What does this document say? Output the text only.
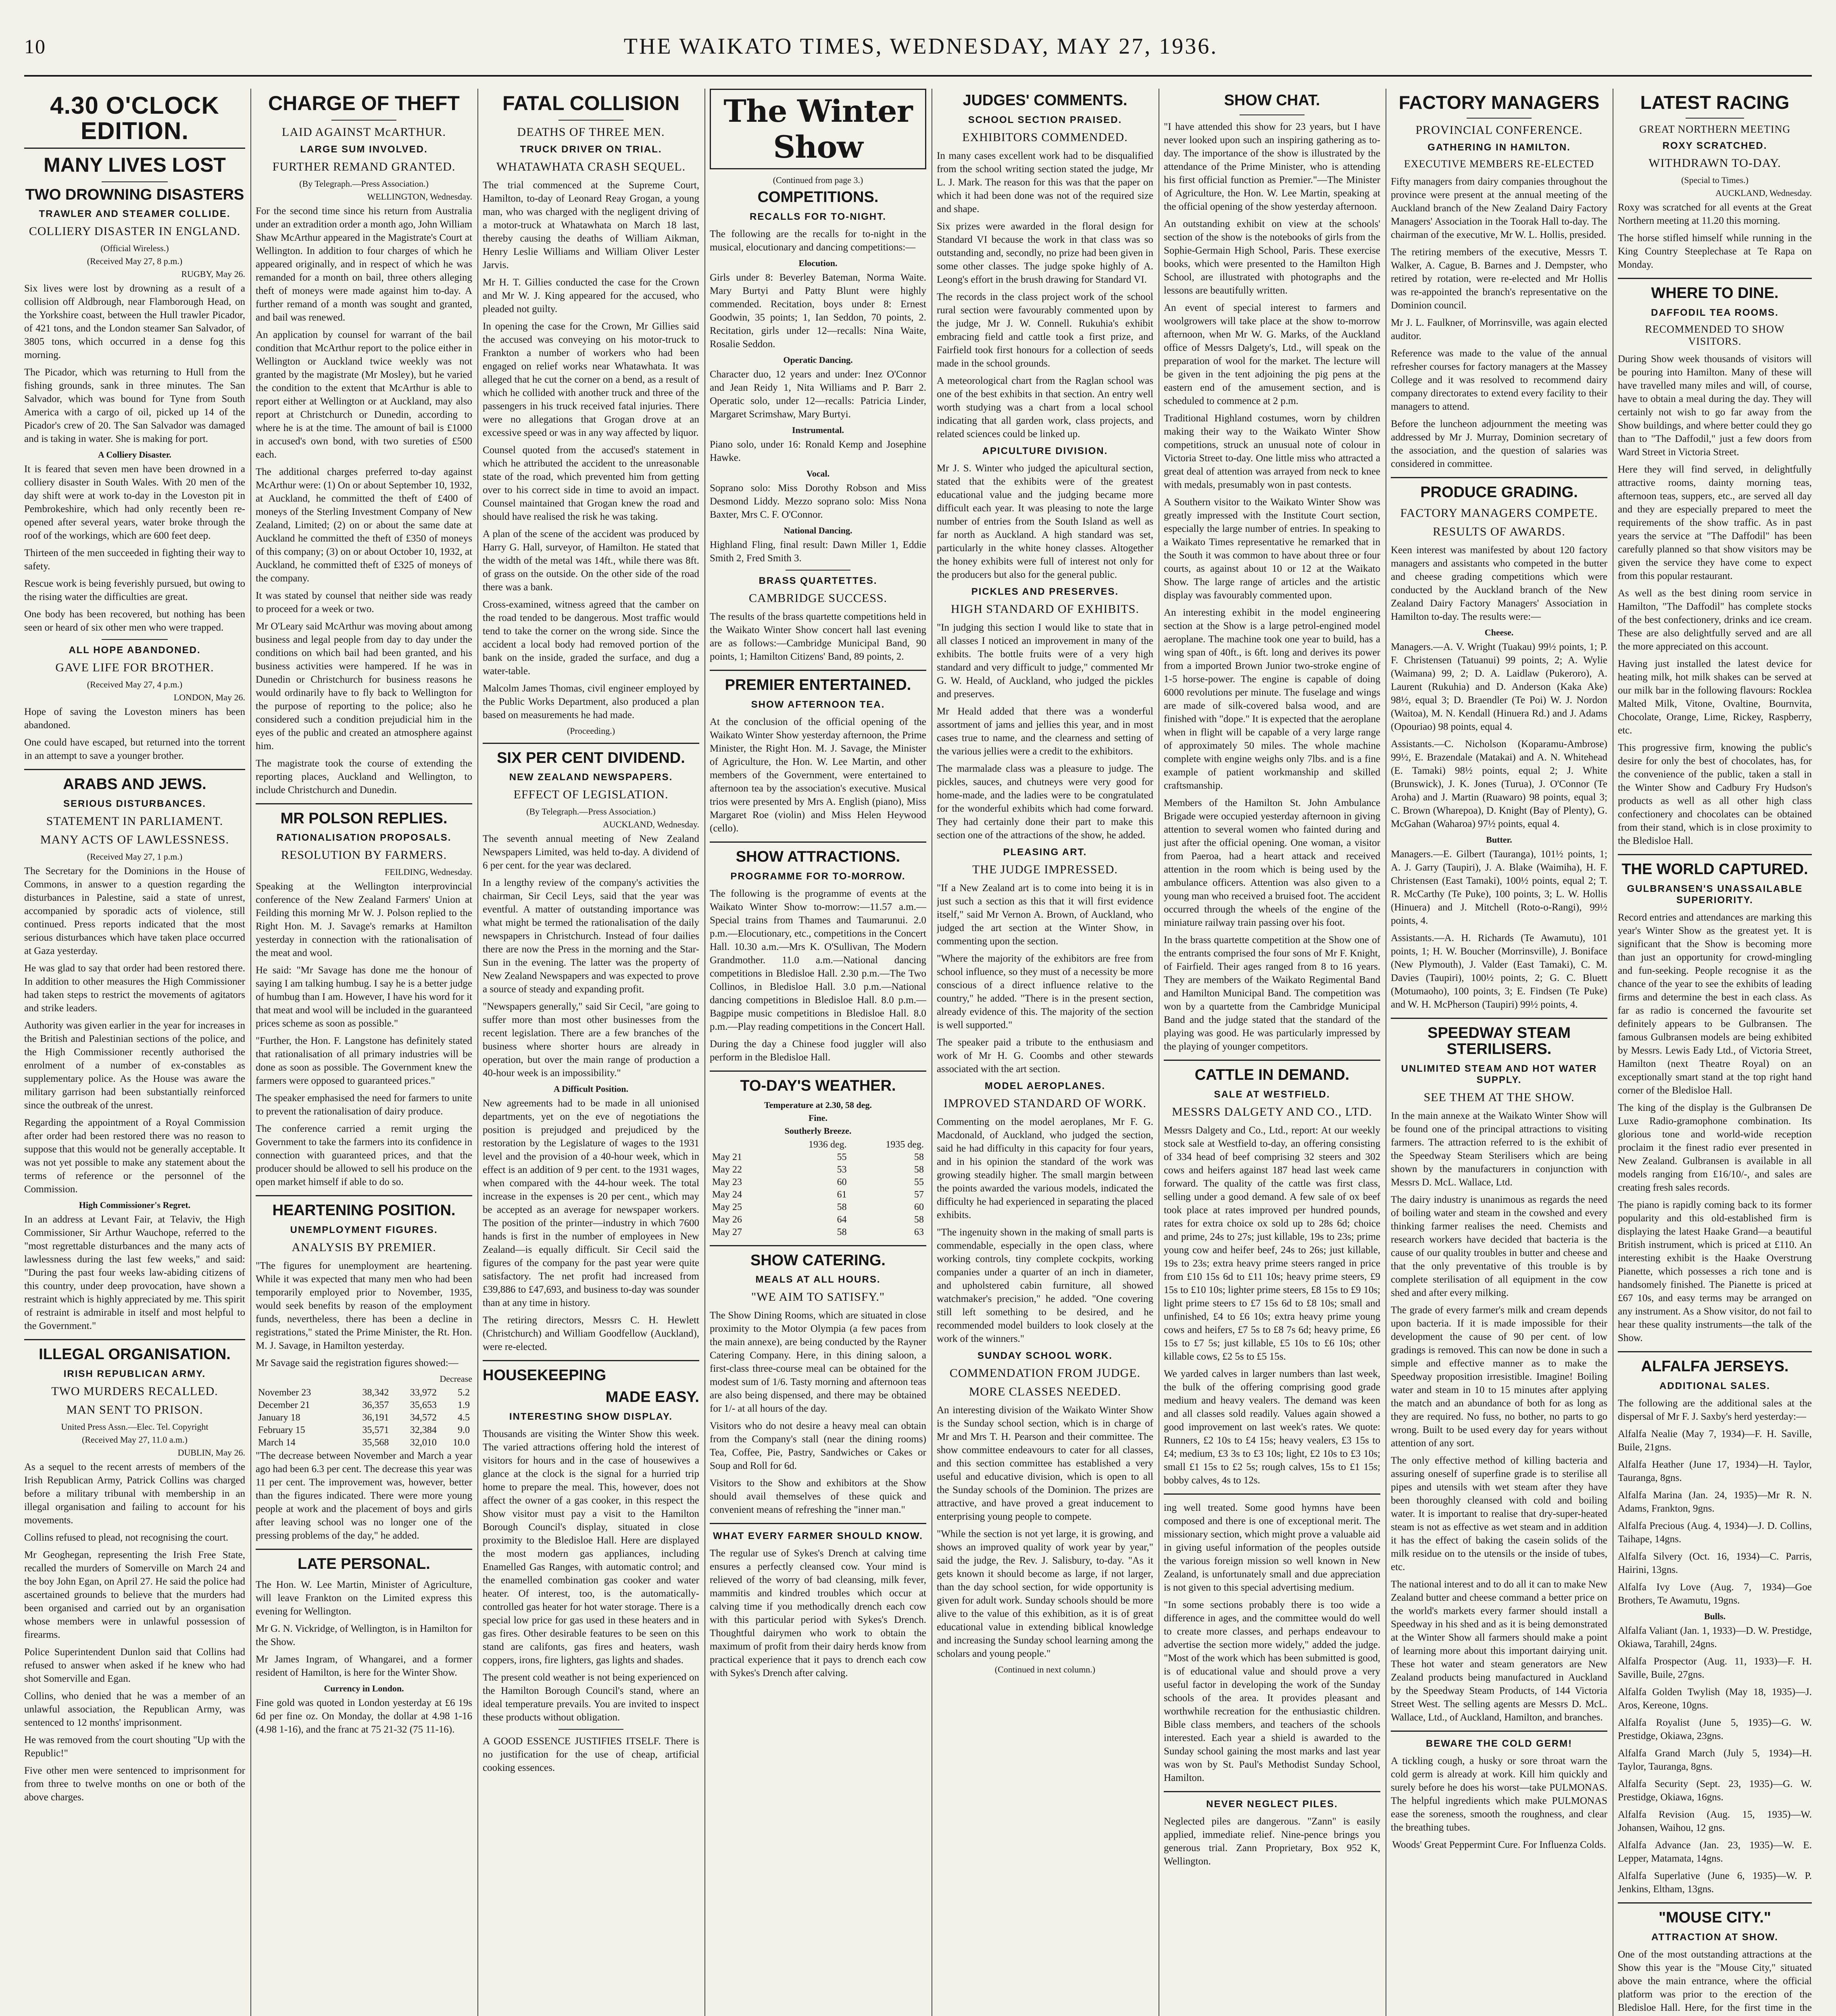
10	THE WAIKATO TIMES, WEDNESDAY, MAY 27, 1936.
4.30 O'CLOCK EDITION.
MANY LIVES LOST
TWO DROWNING DISASTERS
TRAWLER AND STEAMER COLLIDE.
COLLIERY DISASTER IN ENGLAND.
(Official Wireless.)
(Received May 27, 8 p.m.)
RUGBY, May 26.

Six lives were lost by drowning as a result of a collision off Aldbrough, near Flamborough Head, on the Yorkshire coast, between the Hull trawler Picador, of 421 tons, and the London steamer San Salvador, of 3805 tons, which occurred in a dense fog this morning.

The Picador, which was returning to Hull from the fishing grounds, sank in three minutes. The San Salvador, which was bound for Tyne from South America with a cargo of oil, picked up 14 of the Picador's crew of 20. The San Salvador was damaged and is taking in water. She is making for port.

A Colliery Disaster.

It is feared that seven men have been drowned in a colliery disaster in South Wales. With 20 men of the day shift were at work to-day in the Loveston pit in Pembrokeshire, which had only recently been re-opened after several years, water broke through the roof of the workings, which are 600 feet deep.

Thirteen of the men succeeded in fighting their way to safety.

Rescue work is being feverishly pursued, but owing to the rising water the difficulties are great.

One body has been recovered, but nothing has been seen or heard of six other men who were trapped.

ALL HOPE ABANDONED.
GAVE LIFE FOR BROTHER.
(Received May 27, 4 p.m.)
LONDON, May 26.

Hope of saving the Loveston miners has been abandoned.

One could have escaped, but returned into the torrent in an attempt to save a younger brother.

ARABS AND JEWS.
SERIOUS DISTURBANCES.
STATEMENT IN PARLIAMENT.
MANY ACTS OF LAWLESSNESS.
(Received May 27, 1 p.m.)

The Secretary for the Dominions in the House of Commons, in answer to a question regarding the disturbances in Palestine, said a state of unrest, accompanied by sporadic acts of violence, still continued. Press reports indicated that the most serious disturbances which have taken place occurred at Gaza yesterday.

He was glad to say that order had been restored there. In addition to other measures the High Commissioner had taken steps to restrict the movements of agitators and strike leaders.

Authority was given earlier in the year for increases in the British and Palestinian sections of the police, and the High Commissioner recently authorised the enrolment of a number of ex-constables as supplementary police. As the House was aware the military garrison had been substantially reinforced since the outbreak of the unrest.

Regarding the appointment of a Royal Commission after order had been restored there was no reason to suppose that this would not be generally acceptable. It was not yet possible to make any statement about the terms of reference or the personnel of the Commission.

High Commissioner's Regret.

In an address at Levant Fair, at Telaviv, the High Commissioner, Sir Arthur Wauchope, referred to the "most regrettable disturbances and the many acts of lawlessness during the last few weeks," and said: "During the past four weeks law-abiding citizens of this country, under deep provocation, have shown a restraint which is highly appreciated by me. This spirit of restraint is admirable in itself and most helpful to the Government."

ILLEGAL ORGANISATION.
IRISH REPUBLICAN ARMY.
TWO MURDERS RECALLED.
MAN SENT TO PRISON.
United Press Assn.—Elec. Tel. Copyright
(Received May 27, 11.0 a.m.)
DUBLIN, May 26.

As a sequel to the recent arrests of members of the Irish Republican Army, Patrick Collins was charged before a military tribunal with membership in an illegal organisation and failing to account for his movements.

Collins refused to plead, not recognising the court.

Mr Geoghegan, representing the Irish Free State, recalled the murders of Somerville on March 24 and the boy John Egan, on April 27. He said the police had ascertained grounds to believe that the murders had been organised and carried out by an organisation whose members were in unlawful possession of firearms.

Police Superintendent Dunlon said that Collins had refused to answer when asked if he knew who had shot Somerville and Egan.

Collins, who denied that he was a member of an unlawful association, the Republican Army, was sentenced to 12 months' imprisonment.

He was removed from the court shouting "Up with the Republic!"

Five other men were sentenced to imprisonment for from three to twelve months on one or both of the above charges.

CHARGE OF THEFT
LAID AGAINST McARTHUR.
LARGE SUM INVOLVED.
FURTHER REMAND GRANTED.
(By Telegraph.—Press Association.)
WELLINGTON, Wednesday.

For the second time since his return from Australia under an extradition order a month ago, John William Shaw McArthur appeared in the Magistrate's Court at Wellington. In addition to four charges of which he appeared originally, and in respect of which he was remanded for a month on bail, three others alleging theft of moneys were made against him to-day. A further remand of a month was sought and granted, and bail was renewed.

An application by counsel for warrant of the bail condition that McArthur report to the police either in Wellington or Auckland twice weekly was not granted by the magistrate (Mr Mosley), but he varied the condition to the extent that McArthur is able to report either at Wellington or at Auckland, may also report at Christchurch or Dunedin, according to where he is at the time. The amount of bail is £1000 in accused's own bond, with two sureties of £500 each.

The additional charges preferred to-day against McArthur were: (1) On or about September 10, 1932, at Auckland, he committed the theft of £400 of moneys of the Sterling Investment Company of New Zealand, Limited; (2) on or about the same date at Auckland he committed the theft of £350 of moneys of this company; (3) on or about October 10, 1932, at Auckland, he committed theft of £325 of moneys of the company.

It was stated by counsel that neither side was ready to proceed for a week or two.

Mr O'Leary said McArthur was moving about among business and legal people from day to day under the conditions on which bail had been granted, and his business activities were hampered. If he was in Dunedin or Christchurch for business reasons he would ordinarily have to fly back to Wellington for the purpose of reporting to the police; also he considered such a condition prejudicial him in the eyes of the public and created an atmosphere against him.

The magistrate took the course of extending the reporting places, Auckland and Wellington, to include Christchurch and Dunedin.

MR POLSON REPLIES.
RATIONALISATION PROPOSALS.
RESOLUTION BY FARMERS.
FEILDING, Wednesday.

Speaking at the Wellington interprovincial conference of the New Zealand Farmers' Union at Feilding this morning Mr W. J. Polson replied to the Right Hon. M. J. Savage's remarks at Hamilton yesterday in connection with the rationalisation of the meat and wool.

He said: "Mr Savage has done me the honour of saying I am talking humbug. I say he is a better judge of humbug than I am. However, I have his word for it that meat and wool will be included in the guaranteed prices scheme as soon as possible."

"Further, the Hon. F. Langstone has definitely stated that rationalisation of all primary industries will be done as soon as possible. The Government knew the farmers were opposed to guaranteed prices."

The speaker emphasised the need for farmers to unite to prevent the rationalisation of dairy produce.

The conference carried a remit urging the Government to take the farmers into its confidence in connection with guaranteed prices, and that the producer should be allowed to sell his produce on the open market himself if able to do so.

HEARTENING POSITION.
UNEMPLOYMENT FIGURES.
ANALYSIS BY PREMIER.

"The figures for unemployment are heartening. While it was expected that many men who had been temporarily employed prior to November, 1935, would seek benefits by reason of the employment funds, nevertheless, there has been a decline in registrations," stated the Prime Minister, the Rt. Hon. M. J. Savage, in Hamilton yesterday.

Mr Savage said the registration figures showed:—

Decrease
November 23	38,342	33,972	5.2
December 21	36,357	35,653	1.9
January 18	36,191	34,572	4.5
February 15	35,571	32,384	9.0
March 14	35,568	32,010	10.0

"The decrease between November and March a year ago had been 6.3 per cent. The decrease this year was 11 per cent. The improvement was, however, better than the figures indicated. There were more young people at work and the placement of boys and girls after leaving school was no longer one of the pressing problems of the day," he added.

LATE PERSONAL.

The Hon. W. Lee Martin, Minister of Agriculture, will leave Frankton on the Limited express this evening for Wellington.

Mr G. N. Vickridge, of Wellington, is in Hamilton for the Show.

Mr James Ingram, of Whangarei, and a former resident of Hamilton, is here for the Winter Show.

Currency in London.

Fine gold was quoted in London yesterday at £6 19s 6d per fine oz. On Monday, the dollar at 4.98 1-16 (4.98 1-16), and the franc at 75 21-32 (75 11-16).

FATAL COLLISION
DEATHS OF THREE MEN.
TRUCK DRIVER ON TRIAL.
WHATAWHATA CRASH SEQUEL.

The trial commenced at the Supreme Court, Hamilton, to-day of Leonard Reay Grogan, a young man, who was charged with the negligent driving of a motor-truck at Whatawhata on March 18 last, thereby causing the deaths of William Aikman, Henry Leslie Williams and William Oliver Lester Jarvis.

Mr H. T. Gillies conducted the case for the Crown and Mr W. J. King appeared for the accused, who pleaded not guilty.

In opening the case for the Crown, Mr Gillies said the accused was conveying on his motor-truck to Frankton a number of workers who had been engaged on relief works near Whatawhata. It was alleged that he cut the corner on a bend, as a result of which he collided with another truck and three of the passengers in his truck received fatal injuries. There were no allegations that Grogan drove at an excessive speed or was in any way affected by liquor.

Counsel quoted from the accused's statement in which he attributed the accident to the unreasonable state of the road, which prevented him from getting over to his correct side in time to avoid an impact. Counsel maintained that Grogan knew the road and should have realised the risk he was taking.

A plan of the scene of the accident was produced by Harry G. Hall, surveyor, of Hamilton. He stated that the width of the metal was 14ft., while there was 8ft. of grass on the outside. On the other side of the road there was a bank.

Cross-examined, witness agreed that the camber on the road tended to be dangerous. Most traffic would tend to take the corner on the wrong side. Since the accident a local body had removed portion of the bank on the inside, graded the surface, and dug a water-table.

Malcolm James Thomas, civil engineer employed by the Public Works Department, also produced a plan based on measurements he had made.

(Proceeding.)
SIX PER CENT DIVIDEND.
NEW ZEALAND NEWSPAPERS.
EFFECT OF LEGISLATION.
(By Telegraph.—Press Association.)
AUCKLAND, Wednesday.

The seventh annual meeting of New Zealand Newspapers Limited, was held to-day. A dividend of 6 per cent. for the year was declared.

In a lengthy review of the company's activities the chairman, Sir Cecil Leys, said that the year was eventful. A matter of outstanding importance was what might be termed the rationalisation of the daily newspapers in Christchurch. Instead of four dailies there are now the Press in the morning and the Star-Sun in the evening. The latter was the property of New Zealand Newspapers and was expected to prove a source of steady and expanding profit.

"Newspapers generally," said Sir Cecil, "are going to suffer more than most other businesses from the recent legislation. There are a few branches of the business where shorter hours are already in operation, but over the main range of production a 40-hour week is an impossibility."

A Difficult Position.

New agreements had to be made in all unionised departments, yet on the eve of negotiations the position is prejudged and prejudiced by the restoration by the Legislature of wages to the 1931 level and the provision of a 40-hour week, which in effect is an addition of 9 per cent. to the 1931 wages, when compared with the 44-hour week. The total increase in the expenses is 20 per cent., which may be accepted as an average for newspaper workers. The position of the printer—industry in which 7600 hands is first in the number of employees in New Zealand—is equally difficult. Sir Cecil said the figures of the company for the past year were quite satisfactory. The net profit had increased from £39,886 to £47,693, and business to-day was sounder than at any time in history.

The retiring directors, Messrs C. H. Hewlett (Christchurch) and William Goodfellow (Auckland), were re-elected.

HOUSEKEEPING
MADE EASY.
INTERESTING SHOW DISPLAY.

Thousands are visiting the Winter Show this week. The varied attractions offering hold the interest of visitors for hours and in the case of housewives a glance at the clock is the signal for a hurried trip home to prepare the meal. This, however, does not affect the owner of a gas cooker, in this respect the Show visitor must pay a visit to the Hamilton Borough Council's display, situated in close proximity to the Bledisloe Hall. Here are displayed the most modern gas appliances, including Enamelled Gas Ranges, with automatic control; and the enamelled combination gas cooker and water heater. Of interest, too, is the automatically-controlled gas heater for hot water storage. There is a special low price for gas used in these heaters and in gas fires. Other desirable features to be seen on this stand are califonts, gas fires and heaters, wash coppers, irons, fire lighters, gas lights and shades.

The present cold weather is not being experienced on the Hamilton Borough Council's stand, where an ideal temperature prevails. You are invited to inspect these products without obligation.

A GOOD ESSENCE JUSTIFIES ITSELF. There is no justification for the use of cheap, artificial cooking essences.

The Winter Show
(Continued from page 3.)
COMPETITIONS.
RECALLS FOR TO-NIGHT.

The following are the recalls for to-night in the musical, elocutionary and dancing competitions:—

Elocution.

Girls under 8: Beverley Bateman, Norma Waite. Mary Burtyi and Patty Blunt were highly commended. Recitation, boys under 8: Ernest Goodwin, 35 points; 1, Ian Seddon, 70 points, 2. Recitation, girls under 12—recalls: Nina Waite, Rosalie Seddon.

Operatic Dancing.

Character duo, 12 years and under: Inez O'Connor and Jean Reidy 1, Nita Williams and P. Barr 2. Operatic solo, under 12—recalls: Patricia Linder, Margaret Scrimshaw, Mary Burtyi.

Instrumental.

Piano solo, under 16: Ronald Kemp and Josephine Hawke.

Vocal.

Soprano solo: Miss Dorothy Robson and Miss Desmond Liddy. Mezzo soprano solo: Miss Nona Baxter, Mrs C. F. O'Connor.

National Dancing.

Highland Fling, final result: Dawn Miller 1, Eddie Smith 2, Fred Smith 3.

BRASS QUARTETTES.
CAMBRIDGE SUCCESS.

The results of the brass quartette competitions held in the Waikato Winter Show concert hall last evening are as follows:—Cambridge Municipal Band, 90 points, 1; Hamilton Citizens' Band, 89 points, 2.

PREMIER ENTERTAINED.
SHOW AFTERNOON TEA.

At the conclusion of the official opening of the Waikato Winter Show yesterday afternoon, the Prime Minister, the Right Hon. M. J. Savage, the Minister of Agriculture, the Hon. W. Lee Martin, and other members of the Government, were entertained to afternoon tea by the association's executive. Musical trios were presented by Mrs A. English (piano), Miss Margaret Roe (violin) and Miss Helen Heywood (cello).

SHOW ATTRACTIONS.
PROGRAMME FOR TO-MORROW.

The following is the programme of events at the Waikato Winter Show to-morrow:—11.57 a.m.—Special trains from Thames and Taumarunui. 2.0 p.m.—Elocutionary, etc., competitions in the Concert Hall. 10.30 a.m.—Mrs K. O'Sullivan, The Modern Grandmother. 11.0 a.m.—National dancing competitions in Bledisloe Hall. 2.30 p.m.—The Two Collinos, in Bledisloe Hall. 3.0 p.m.—National dancing competitions in Bledisloe Hall. 8.0 p.m.—Bagpipe music competitions in Bledisloe Hall. 8.0 p.m.—Play reading competitions in the Concert Hall.

During the day a Chinese food juggler will also perform in the Bledisloe Hall.

TO-DAY'S WEATHER.
Temperature at 2.30, 58 deg.
Fine.
Southerly Breeze.
	1936 deg.	1935 deg.
May 21	55	58
May 22	53	58
May 23	60	55
May 24	61	57
May 25	58	60
May 26	64	58
May 27	58	63
SHOW CATERING.
MEALS AT ALL HOURS.
"WE AIM TO SATISFY."

The Show Dining Rooms, which are situated in close proximity to the Motor Olympia (a few paces from the main annexe), are being conducted by the Rayner Catering Company. Here, in this dining saloon, a first-class three-course meal can be obtained for the modest sum of 1/6. Tasty morning and afternoon teas are also being dispensed, and there may be obtained for 1/- at all hours of the day.

Visitors who do not desire a heavy meal can obtain from the Company's stall (near the dining rooms) Tea, Coffee, Pie, Pastry, Sandwiches or Cakes or Soup and Roll for 6d.

Visitors to the Show and exhibitors at the Show should avail themselves of these quick and convenient means of refreshing the "inner man."

WHAT EVERY FARMER SHOULD KNOW.

The regular use of Sykes's Drench at calving time ensures a perfectly cleansed cow. Your mind is relieved of the worry of bad cleansing, milk fever, mammitis and kindred troubles which occur at calving time if you methodically drench each cow with this particular period with Sykes's Drench. Thoughtful dairymen who work to obtain the maximum of profit from their dairy herds know from practical experience that it pays to drench each cow with Sykes's Drench after calving.

JUDGES' COMMENTS.
SCHOOL SECTION PRAISED.
EXHIBITORS COMMENDED.

In many cases excellent work had to be disqualified from the school writing section stated the judge, Mr L. J. Mark. The reason for this was that the paper on which it had been done was not of the required size and shape.

Six prizes were awarded in the floral design for Standard VI because the work in that class was so outstanding and, secondly, no prize had been given in some other classes. The judge spoke highly of A. Leong's effort in the brush drawing for Standard VI.

The records in the class project work of the school rural section were favourably commented upon by the judge, Mr J. W. Connell. Rukuhia's exhibit embracing field and cattle took a first prize, and Fairfield took first honours for a collection of seeds made in the school grounds.

A meteorological chart from the Raglan school was one of the best exhibits in that section. An entry well worth studying was a chart from a local school indicating that all garden work, class projects, and related sciences could be linked up.

APICULTURE DIVISION.

Mr J. S. Winter who judged the apicultural section, stated that the exhibits were of the greatest educational value and the judging became more difficult each year. It was pleasing to note the large number of entries from the South Island as well as far north as Auckland. A high standard was set, particularly in the white honey classes. Altogether the honey exhibits were full of interest not only for the producers but also for the general public.

PICKLES AND PRESERVES.
HIGH STANDARD OF EXHIBITS.

"In judging this section I would like to state that in all classes I noticed an improvement in many of the exhibits. The bottle fruits were of a very high standard and very difficult to judge," commented Mr G. W. Heald, of Auckland, who judged the pickles and preserves.

Mr Heald added that there was a wonderful assortment of jams and jellies this year, and in most cases true to name, and the clearness and setting of the various jellies were a credit to the exhibitors.

The marmalade class was a pleasure to judge. The pickles, sauces, and chutneys were very good for home-made, and the ladies were to be congratulated for the wonderful exhibits which had come forward. They had certainly done their part to make this section one of the attractions of the show, he added.

PLEASING ART.
THE JUDGE IMPRESSED.

"If a New Zealand art is to come into being it is in just such a section as this that it will first evidence itself," said Mr Vernon A. Brown, of Auckland, who judged the art section at the Winter Show, in commenting upon the section.

"Where the majority of the exhibitors are free from school influence, so they must of a necessity be more conscious of a direct influence relative to the country," he added. "There is in the present section, already evidence of this. The majority of the section is well supported."

The speaker paid a tribute to the enthusiasm and work of Mr H. G. Coombs and other stewards associated with the art section.

MODEL AEROPLANES.
IMPROVED STANDARD OF WORK.

Commenting on the model aeroplanes, Mr F. G. Macdonald, of Auckland, who judged the section, said he had difficulty in this capacity for four years, and in his opinion the standard of the work was growing steadily higher. The small margin between the points awarded the various models, indicated the difficulty he had experienced in separating the placed exhibits.

"The ingenuity shown in the making of small parts is commendable, especially in the open class, where working controls, tiny complete cockpits, working companies under a quarter of an inch in diameter, and upholstered cabin furniture, all showed watchmaker's precision," he added. "One covering still left something to be desired, and he recommended model builders to look closely at the work of the winners."

SUNDAY SCHOOL WORK.
COMMENDATION FROM JUDGE.
MORE CLASSES NEEDED.

An interesting division of the Waikato Winter Show is the Sunday school section, which is in charge of Mr and Mrs T. H. Pearson and their committee. The show committee endeavours to cater for all classes, and this section committee has established a very useful and educative division, which is open to all the Sunday schools of the Dominion. The prizes are attractive, and have proved a great inducement to enterprising young people to compete.

"While the section is not yet large, it is growing, and shows an improved quality of work year by year," said the judge, the Rev. J. Salisbury, to-day. "As it gets known it should become as large, if not larger, than the day school section, for wide opportunity is given for adult work. Sunday schools should be more alive to the value of this exhibition, as it is of great educational value in extending biblical knowledge and increasing the Sunday school learning among the scholars and young people."

(Continued in next column.)
SHOW CHAT.

"I have attended this show for 23 years, but I have never looked upon such an inspiring gathering as to-day. The importance of the show is illustrated by the attendance of the Prime Minister, who is attending his first official function as Premier."—The Minister of Agriculture, the Hon. W. Lee Martin, speaking at the official opening of the show yesterday afternoon.

An outstanding exhibit on view at the schools' section of the show is the notebooks of girls from the Sophie-Germain High School, Paris. These exercise books, which were presented to the Hamilton High School, are illustrated with photographs and the lessons are beautifully written.

An event of special interest to farmers and woolgrowers will take place at the show to-morrow afternoon, when Mr W. G. Marks, of the Auckland office of Messrs Dalgety's, Ltd., will speak on the preparation of wool for the market. The lecture will be given in the tent adjoining the pig pens at the eastern end of the amusement section, and is scheduled to commence at 2 p.m.

Traditional Highland costumes, worn by children making their way to the Waikato Winter Show competitions, struck an unusual note of colour in Victoria Street to-day. One little miss who attracted a great deal of attention was arrayed from neck to knee with medals, presumably won in past contests.

A Southern visitor to the Waikato Winter Show was greatly impressed with the Institute Court section, especially the large number of entries. In speaking to a Waikato Times representative he remarked that in the South it was common to have about three or four courts, as against about 10 or 12 at the Waikato Show. The large range of articles and the artistic display was favourably commented upon.

An interesting exhibit in the model engineering section at the Show is a large petrol-engined model aeroplane. The machine took one year to build, has a wing span of 40ft., is 6ft. long and derives its power from a imported Brown Junior two-stroke engine of 1-5 horse-power. The engine is capable of doing 6000 revolutions per minute. The fuselage and wings are made of silk-covered balsa wood, and are finished with "dope." It is expected that the aeroplane when in flight will be capable of a very large range of approximately 50 miles. The whole machine complete with engine weighs only 7lbs. and is a fine example of patient workmanship and skilled craftsmanship.

Members of the Hamilton St. John Ambulance Brigade were occupied yesterday afternoon in giving attention to several women who fainted during and just after the official opening. One woman, a visitor from Paeroa, had a heart attack and received attention in the room which is being used by the ambulance officers. Attention was also given to a young man who received a bruised foot. The accident occurred through the wheels of the engine of the miniature railway train passing over his foot.

In the brass quartette competition at the Show one of the entrants comprised the four sons of Mr F. Knight, of Fairfield. Their ages ranged from 8 to 16 years. They are members of the Waikato Regimental Band and Hamilton Municipal Band. The competition was won by a quartette from the Cambridge Municipal Band and the judge stated that the standard of the playing was good. He was particularly impressed by the playing of younger competitors.

CATTLE IN DEMAND.
SALE AT WESTFIELD.
MESSRS DALGETY AND CO., LTD.

Messrs Dalgety and Co., Ltd., report: At our weekly stock sale at Westfield to-day, an offering consisting of 334 head of beef comprising 32 steers and 302 cows and heifers against 187 head last week came forward. The quality of the cattle was first class, selling under a good demand. A few sale of ox beef took place at rates improved per hundred pounds, rates for extra choice ox sold up to 28s 6d; choice and prime, 24s to 27s; just killable, 19s to 23s; prime young cow and heifer beef, 24s to 26s; just killable, 19s to 23s; extra heavy prime steers ranged in price from £10 15s 6d to £11 10s; heavy prime steers, £9 15s to £10 10s; lighter prime steers, £8 15s to £9 10s; light prime steers to £7 15s 6d to £8 10s; small and unfinished, £4 to £6 10s; extra heavy prime young cows and heifers, £7 5s to £8 7s 6d; heavy prime, £6 15s to £7 5s; just killable, £5 10s to £6 10s; other killable cows, £2 5s to £5 15s.

We yarded calves in larger numbers than last week, the bulk of the offering comprising good grade medium and heavy vealers. The demand was keen and all classes sold readily. Values again showed a good improvement on last week's rates. We quote: Runners, £2 10s to £4 15s; heavy vealers, £3 15s to £4; medium, £3 3s to £3 10s; light, £2 10s to £3 10s; small £1 15s to £2 5s; rough calves, 15s to £1 15s; bobby calves, 4s to 12s.

ing well treated. Some good hymns have been composed and there is one of exceptional merit. The missionary section, which might prove a valuable aid in giving useful information of the peoples outside the various foreign mission so well known in New Zealand, is unfortunately small and due appreciation is not given to this special advertising medium.

"In some sections probably there is too wide a difference in ages, and the committee would do well to create more classes, and perhaps endeavour to advertise the section more widely," added the judge. "Most of the work which has been submitted is good, is of educational value and should prove a very useful factor in developing the work of the Sunday schools of the area. It provides pleasant and worthwhile recreation for the enthusiastic children. Bible class members, and teachers of the schools interested. Each year a shield is awarded to the Sunday school gaining the most marks and last year was won by St. Paul's Methodist Sunday School, Hamilton.

NEVER NEGLECT PILES.

Neglected piles are dangerous. "Zann" is easily applied, immediate relief. Nine-pence brings you generous trial. Zann Proprietary, Box 952 K, Wellington.

FACTORY MANAGERS
PROVINCIAL CONFERENCE.
GATHERING IN HAMILTON.
EXECUTIVE MEMBERS RE-ELECTED

Fifty managers from dairy companies throughout the province were present at the annual meeting of the Auckland branch of the New Zealand Dairy Factory Managers' Association in the Toorak Hall to-day. The chairman of the executive, Mr W. L. Hollis, presided.

The retiring members of the executive, Messrs T. Walker, A. Cague, B. Barnes and J. Dempster, who retired by rotation, were re-elected and Mr Hollis was re-appointed the branch's representative on the Dominion council.

Mr J. L. Faulkner, of Morrinsville, was again elected auditor.

Reference was made to the value of the annual refresher courses for factory managers at the Massey College and it was resolved to recommend dairy company directorates to extend every facility to their managers to attend.

Before the luncheon adjournment the meeting was addressed by Mr J. Murray, Dominion secretary of the association, and the question of salaries was considered in committee.

PRODUCE GRADING.
FACTORY MANAGERS COMPETE.
RESULTS OF AWARDS.

Keen interest was manifested by about 120 factory managers and assistants who competed in the butter and cheese grading competitions which were conducted by the Auckland branch of the New Zealand Dairy Factory Managers' Association in Hamilton to-day. The results were:—

Cheese.

Managers.—A. V. Wright (Tuakau) 99½ points, 1; P. F. Christensen (Tatuanui) 99 points, 2; A. Wylie (Waimana) 99, 2; D. A. Laidlaw (Pukeroro), A. Laurent (Rukuhia) and D. Anderson (Kaka Ake) 98½, equal 3; D. Braendler (Te Poi) W. J. Nordon (Waitoa), M. N. Kendall (Hinuera Rd.) and J. Adams (Opouriao) 98 points, equal 4.

Assistants.—C. Nicholson (Koparamu-Ambrose) 99½, E. Brazendale (Matakai) and A. N. Whitehead (E. Tamaki) 98½ points, equal 2; J. White (Brunswick), J. K. Jones (Turua), J. O'Connor (Te Aroha) and J. Martin (Ruawaro) 98 points, equal 3; C. Brown (Wharepoa), D. Knight (Bay of Plenty), G. McGahan (Waharoa) 97½ points, equal 4.

Butter.

Managers.—E. Gilbert (Tauranga), 101½ points, 1; A. J. Garry (Taupiri), J. A. Blake (Waimiha), H. F. Christensen (East Tamaki), 100½ points, equal 2; T. R. McCarthy (Te Puke), 100 points, 3; L. W. Hollis (Hinuera) and J. Mitchell (Roto-o-Rangi), 99½ points, 4.

Assistants.—A. H. Richards (Te Awamutu), 101 points, 1; H. W. Boucher (Morrinsville), J. Boniface (New Plymouth), J. Valder (East Tamaki), C. M. Davies (Taupiri), 100½ points, 2; G. C. Bluett (Motumaoho), 100 points, 3; E. Findsen (Te Puke) and W. H. McPherson (Taupiri) 99½ points, 4.

SPEEDWAY STEAM STERILISERS.
UNLIMITED STEAM AND HOT WATER SUPPLY.
SEE THEM AT THE SHOW.

In the main annexe at the Waikato Winter Show will be found one of the principal attractions to visiting farmers. The attraction referred to is the exhibit of the Speedway Steam Sterilisers which are being shown by the manufacturers in conjunction with Messrs D. McL. Wallace, Ltd.

The dairy industry is unanimous as regards the need of boiling water and steam in the cowshed and every thinking farmer realises the need. Chemists and research workers have decided that bacteria is the cause of our quality troubles in butter and cheese and that the only preventative of this trouble is by complete sterilisation of all equipment in the cow shed and after every milking.

The grade of every farmer's milk and cream depends upon bacteria. If it is made impossible for their development the cause of 90 per cent. of low gradings is removed. This can now be done in such a simple and effective manner as to make the Speedway proposition irresistible. Imagine! Boiling water and steam in 10 to 15 minutes after applying the match and an abundance of both for as long as they are required. No fuss, no bother, no parts to go wrong. Built to be used every day for years without attention of any sort.

The only effective method of killing bacteria and assuring oneself of superfine grade is to sterilise all pipes and utensils with wet steam after they have been thoroughly cleansed with cold and boiling water. It is important to realise that dry-super-heated steam is not as effective as wet steam and in addition it has the effect of baking the casein solids of the milk residue on to the utensils or the inside of tubes, etc.

The national interest and to do all it can to make New Zealand butter and cheese command a better price on the world's markets every farmer should install a Speedway in his shed and as it is being demonstrated at the Winter Show all farmers should make a point of learning more about this important dairying unit. These hot water and steam generators are New Zealand products being manufactured in Auckland by the Speedway Steam Products, of 144 Victoria Street West. The selling agents are Messrs D. McL. Wallace, Ltd., of Auckland, Hamilton, and branches.

BEWARE THE COLD GERM!

A tickling cough, a husky or sore throat warn the cold germ is already at work. Kill him quickly and surely before he does his worst—take PULMONAS. The helpful ingredients which make PULMONAS ease the soreness, smooth the roughness, and clear the breathing tubes.

Woods' Great Peppermint Cure. For Influenza Colds.

LATEST RACING
GREAT NORTHERN MEETING
ROXY SCRATCHED.
WITHDRAWN TO-DAY.
(Special to Times.)
AUCKLAND, Wednesday.

Roxy was scratched for all events at the Great Northern meeting at 11.20 this morning.

The horse stifled himself while running in the King Country Steeplechase at Te Rapa on Monday.

WHERE TO DINE.
DAFFODIL TEA ROOMS.
RECOMMENDED TO SHOW VISITORS.

During Show week thousands of visitors will be pouring into Hamilton. Many of these will have travelled many miles and will, of course, have to obtain a meal during the day. They will certainly not wish to go far away from the Show buildings, and where better could they go than to "The Daffodil," just a few doors from Ward Street in Victoria Street.

Here they will find served, in delightfully attractive rooms, dainty morning teas, afternoon teas, suppers, etc., are served all day and they are especially prepared to meet the requirements of the show traffic. As in past years the service at "The Daffodil" has been carefully planned so that show visitors may be given the service they have come to expect from this popular restaurant.

As well as the best dining room service in Hamilton, "The Daffodil" has complete stocks of the best confectionery, drinks and ice cream. These are also delightfully served and are all the more appreciated on this account.

Having just installed the latest device for heating milk, hot milk shakes can be served at our milk bar in the following flavours: Rocklea Malted Milk, Vitone, Ovaltine, Bournvita, Chocolate, Orange, Lime, Rickey, Raspberry, etc.

This progressive firm, knowing the public's desire for only the best of chocolates, has, for the convenience of the public, taken a stall in the Winter Show and Cadbury Fry Hudson's products as well as all other high class confectionery and chocolates can be obtained from their stand, which is in close proximity to the Bledisloe Hall.

THE WORLD CAPTURED.
GULBRANSEN'S UNASSAILABLE SUPERIORITY.

Record entries and attendances are marking this year's Winter Show as the greatest yet. It is significant that the Show is becoming more than just an opportunity for crowd-mingling and fun-seeking. People recognise it as the chance of the year to see the exhibits of leading firms and determine the best in each class. As far as radio is concerned the favourite set definitely appears to be Gulbransen. The famous Gulbransen models are being exhibited by Messrs. Lewis Eady Ltd., of Victoria Street, Hamilton (next Theatre Royal) on an exceptionally smart stand at the top right hand corner of the Bledisloe Hall.

The king of the display is the Gulbransen De Luxe Radio-gramophone combination. Its glorious tone and world-wide reception proclaim it the finest radio ever presented in New Zealand. Gulbransen is available in all models ranging from £16/10/-, and sales are creating fresh sales records.

The piano is rapidly coming back to its former popularity and this old-established firm is displaying the latest Haake Grand—a beautiful British instrument, which is priced at £110. An interesting exhibit is the Haake Overstrung Pianette, which possesses a rich tone and is handsomely finished. The Pianette is priced at £67 10s, and easy terms may be arranged on any instrument. As a Show visitor, do not fail to hear these quality instruments—the talk of the Show.

ALFALFA JERSEYS.
ADDITIONAL SALES.

The following are the additional sales at the dispersal of Mr F. J. Saxby's herd yesterday:—

Alfalfa Nealie (May 7, 1934)—F. H. Saville, Buile, 21gns.

Alfalfa Heather (June 17, 1934)—H. Taylor, Tauranga, 8gns.

Alfalfa Marina (Jan. 24, 1935)—Mr R. N. Adams, Frankton, 9gns.

Alfalfa Precious (Aug. 4, 1934)—J. D. Collins, Taihape, 14gns.

Alfalfa Silvery (Oct. 16, 1934)—C. Parris, Hairini, 13gns.

Alfalfa Ivy Love (Aug. 7, 1934)—Goe Brothers, Te Awamutu, 19gns.

Bulls.

Alfalfa Valiant (Jan. 1, 1933)—D. W. Prestidge, Okiawa, Tarahill, 24gns.

Alfalfa Prospector (Aug. 11, 1933)—F. H. Saville, Buile, 27gns.

Alfalfa Golden Twylish (May 18, 1935)—J. Aros, Kereone, 10gns.

Alfalfa Royalist (June 5, 1935)—G. W. Prestidge, Okiawa, 23gns.

Alfalfa Grand March (July 5, 1934)—H. Taylor, Tauranga, 8gns.

Alfalfa Security (Sept. 23, 1935)—G. W. Prestidge, Okiawa, 16gns.

Alfalfa Revision (Aug. 15, 1935)—W. Johansen, Waihou, 12 gns.

Alfalfa Advance (Jan. 23, 1935)—W. E. Lepper, Matamata, 14gns.

Alfalfa Superlative (June 6, 1935)—W. P. Jenkins, Eltham, 13gns.

"MOUSE CITY."
ATTRACTION AT SHOW.

One of the most outstanding attractions at the Show this year is the "Mouse City," situated above the main entrance, where the official platform was prior to the erection of the Bledisloe Hall. Here, for the first time in the
